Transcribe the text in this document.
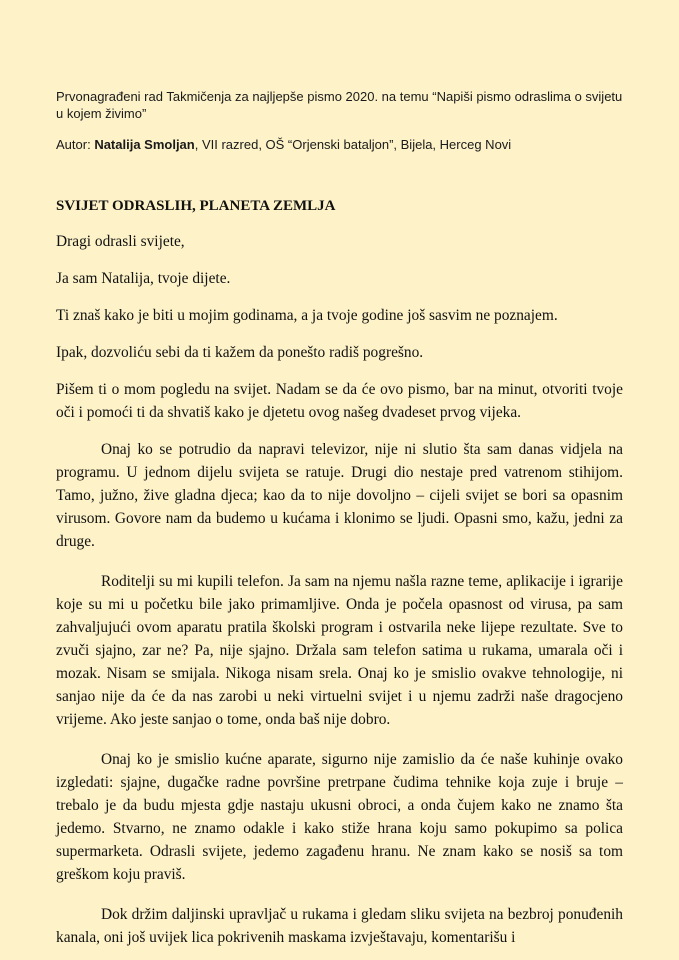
Prvonagrađeni rad Takmičenja za najljepše pismo 2020. na temu “Napiši pismo odraslima o svijetu u kojem živimo”

Autor: Natalija Smoljan, VII razred, OŠ “Orjenski bataljon”, Bijela, Herceg Novi

SVIJET ODRASLIH, PLANETA ZEMLJA

Dragi odrasli svijete,

Ja sam Natalija, tvoje dijete.

Ti znaš kako je biti u mojim godinama, a ja tvoje godine još sasvim ne poznajem.

Ipak, dozvoliću sebi da ti kažem da ponešto radiš pogrešno.

Pišem ti o mom pogledu na svijet. Nadam se da će ovo pismo, bar na minut, otvoriti tvoje oči i pomoći ti da shvatiš kako je djetetu ovog našeg dvadeset prvog vijeka.

Onaj ko se potrudio da napravi televizor, nije ni slutio šta sam danas vidjela na programu. U jednom dijelu svijeta se ratuje. Drugi dio nestaje pred vatrenom stihijom. Tamo, južno, žive gladna djeca; kao da to nije dovoljno – cijeli svijet se bori sa opasnim virusom. Govore nam da budemo u kućama i klonimo se ljudi. Opasni smo, kažu, jedni za druge.

Roditelji su mi kupili telefon. Ja sam na njemu našla razne teme, aplikacije i igrarije koje su mi u početku bile jako primamljive. Onda je počela opasnost od virusa, pa sam zahvaljujući ovom aparatu pratila školski program i ostvarila neke lijepe rezultate. Sve to zvuči sjajno, zar ne? Pa, nije sjajno. Držala sam telefon satima u rukama, umarala oči i mozak. Nisam se smijala. Nikoga nisam srela. Onaj ko je smislio ovakve tehnologije, ni sanjao nije da će da nas zarobi u neki virtuelni svijet i u njemu zadrži naše dragocjeno vrijeme. Ako jeste sanjao o tome, onda baš nije dobro.

Onaj ko je smislio kućne aparate, sigurno nije zamislio da će naše kuhinje ovako izgledati: sjajne, dugačke radne površine pretrpane čudima tehnike koja zuje i bruje – trebalo je da budu mjesta gdje nastaju ukusni obroci, a onda čujem kako ne znamo šta jedemo. Stvarno, ne znamo odakle i kako stiže hrana koju samo pokupimo sa polica supermarketa. Odrasli svijete, jedemo zagađenu hranu. Ne znam kako se nosiš sa tom greškom koju praviš.

Dok držim daljinski upravljač u rukama i gledam sliku svijeta na bezbroj ponuđenih kanala, oni još uvijek lica pokrivenih maskama izvještavaju, komentarišu i
